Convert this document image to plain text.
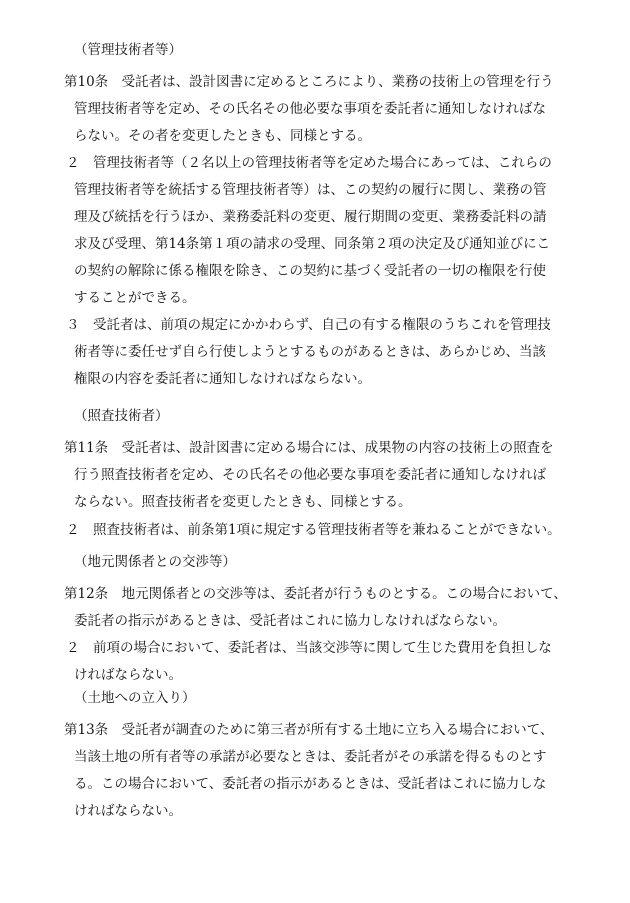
（管理技術者等）
第10条　受託者は、設計図書に定めるところにより、業務の技術上の管理を行う
管理技術者等を定め、その氏名その他必要な事項を委託者に通知しなければな
らない。その者を変更したときも、同様とする。
２　管理技術者等（２名以上の管理技術者等を定めた場合にあっては、これらの
管理技術者等を統括する管理技術者等）は、この契約の履行に関し、業務の管
理及び統括を行うほか、業務委託料の変更、履行期間の変更、業務委託料の請
求及び受理、第14条第１項の請求の受理、同条第２項の決定及び通知並びにこ
の契約の解除に係る権限を除き、この契約に基づく受託者の一切の権限を行使
することができる。
３　受託者は、前項の規定にかかわらず、自己の有する権限のうちこれを管理技
術者等に委任せず自ら行使しようとするものがあるときは、あらかじめ、当該
権限の内容を委託者に通知しなければならない。
（照査技術者）
第11条　受託者は、設計図書に定める場合には、成果物の内容の技術上の照査を
行う照査技術者を定め、その氏名その他必要な事項を委託者に通知しなければ
ならない。照査技術者を変更したときも、同様とする。
２　照査技術者は、前条第1項に規定する管理技術者等を兼ねることができない。
（地元関係者との交渉等）
第12条　地元関係者との交渉等は、委託者が行うものとする。この場合において、
委託者の指示があるときは、受託者はこれに協力しなければならない。
２　前項の場合において、委託者は、当該交渉等に関して生じた費用を負担しな
ければならない。
（土地への立入り）
第13条　受託者が調査のために第三者が所有する土地に立ち入る場合において、
当該土地の所有者等の承諾が必要なときは、委託者がその承諾を得るものとす
る。この場合において、委託者の指示があるときは、受託者はこれに協力しな
ければならない。
